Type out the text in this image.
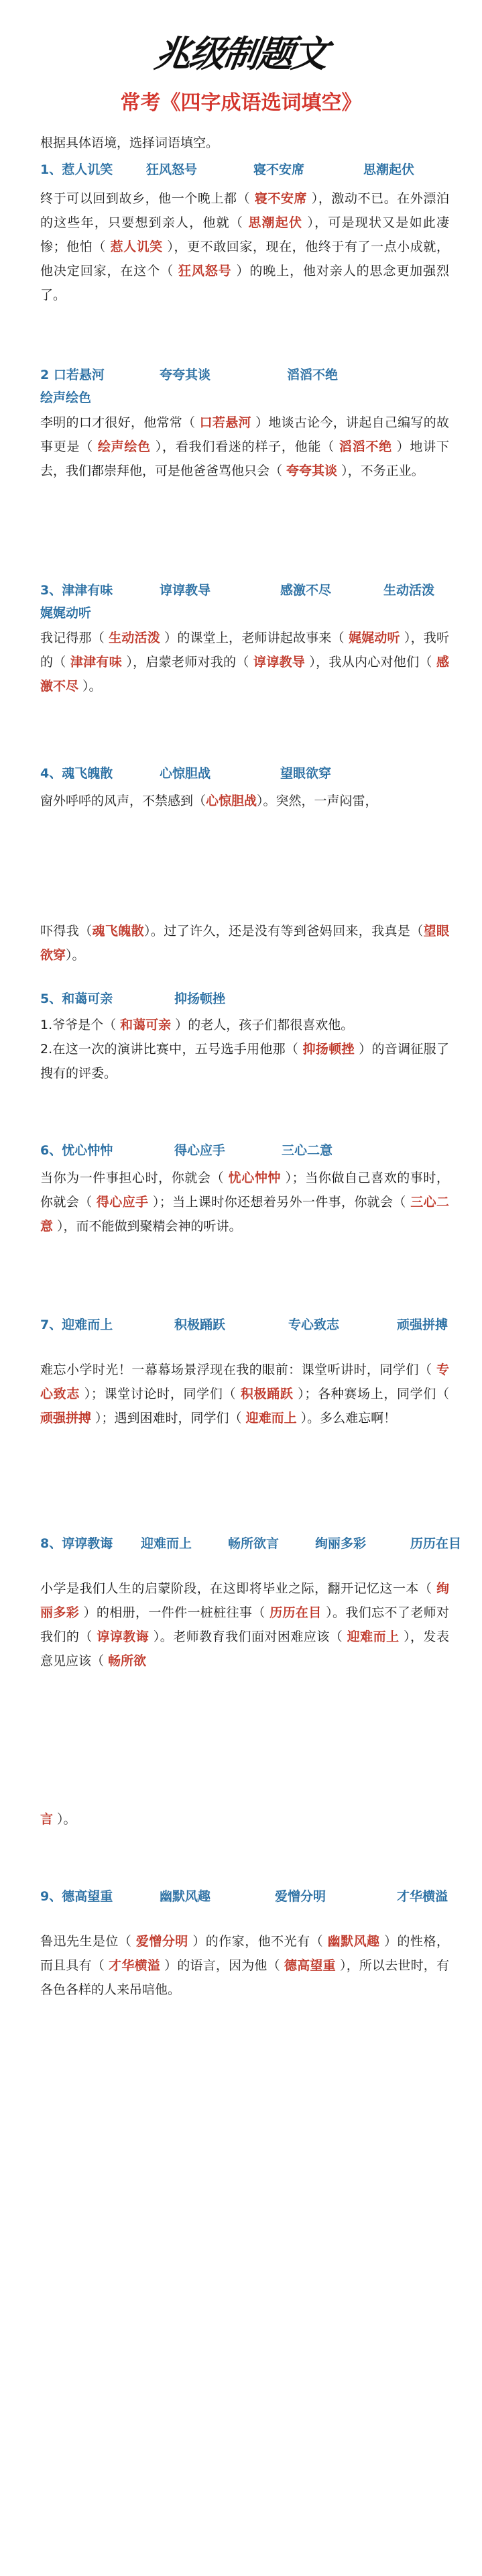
兆级制题文
常考《四字成语选词填空》
根据具体语境，选择词语填空。
1、惹人讥笑	狂风怒号	寝不安席	思潮起伏
终于可以回到故乡，他一个晚上都（ 寝不安席 ），激动不已。在外漂泊的这些年，只要想到亲人，他就（ 思潮起伏 ），可是现状又是如此凄惨；他怕（ 惹人讥笑 ），更不敢回家，现在，他终于有了一点小成就，他决定回家，在这个（ 狂风怒号 ）的晚上，他对亲人的思念更加强烈了。
2 口若悬河	夸夸其谈	滔滔不绝
绘声绘色
李明的口才很好，他常常（ 口若悬河 ）地谈古论今，讲起自己编写的故事更是（ 绘声绘色 ），看我们看迷的样子，他能（ 滔滔不绝 ）地讲下去，我们都崇拜他，可是他爸爸骂他只会（ 夸夸其谈 ），不务正业。
3、津津有味	谆谆教导	感激不尽	生动活泼
娓娓动听
我记得那（ 生动活泼 ）的课堂上，老师讲起故事来（ 娓娓动听 ），我听的（ 津津有味 ），启蒙老师对我的（ 谆谆教导 ），我从内心对他们（ 感激不尽 ）。
4、魂飞魄散	心惊胆战	望眼欲穿
窗外呼呼的风声，不禁感到（心惊胆战）。突然，一声闷雷，
吓得我（魂飞魄散）。过了许久，还是没有等到爸妈回来，我真是（望眼欲穿）。
5、和蔼可亲	抑扬顿挫
1.爷爷是个（ 和蔼可亲 ）的老人，孩子们都很喜欢他。
2.在这一次的演讲比赛中，五号选手用他那（ 抑扬顿挫 ）的音调征服了搜有的评委。
6、忧心忡忡	得心应手	三心二意
当你为一件事担心时，你就会（ 忧心忡忡 ）；当你做自己喜欢的事时，你就会（ 得心应手 ）；当上课时你还想着另外一件事，你就会（ 三心二意 ），而不能做到聚精会神的听讲。
7、迎难而上	积极踊跃	专心致志	顽强拼搏
难忘小学时光！一幕幕场景浮现在我的眼前：课堂听讲时，同学们（ 专心致志 ）；课堂讨论时，同学们（ 积极踊跃 ）；各种赛场上，同学们（ 顽强拼搏 ）；遇到困难时，同学们（ 迎难而上 ）。多么难忘啊！
8、谆谆教诲 迎难而上	畅所欲言	绚丽多彩	历历在目
小学是我们人生的启蒙阶段，在这即将毕业之际，翻开记忆这一本（ 绚丽多彩 ）的相册，一件件一桩桩往事（ 历历在目 ）。我们忘不了老师对我们的（ 谆谆教诲 ）。老师教育我们面对困难应该（ 迎难而上 ），发表意见应该（ 畅所欲
言 ）。
9、德高望重	幽默风趣	爱憎分明	才华横溢
鲁迅先生是位（ 爱憎分明 ）的作家，他不光有（ 幽默风趣 ）的性格，而且具有（ 才华横溢 ）的语言，因为他（ 德高望重 ），所以去世时，有各色各样的人来吊唁他。
